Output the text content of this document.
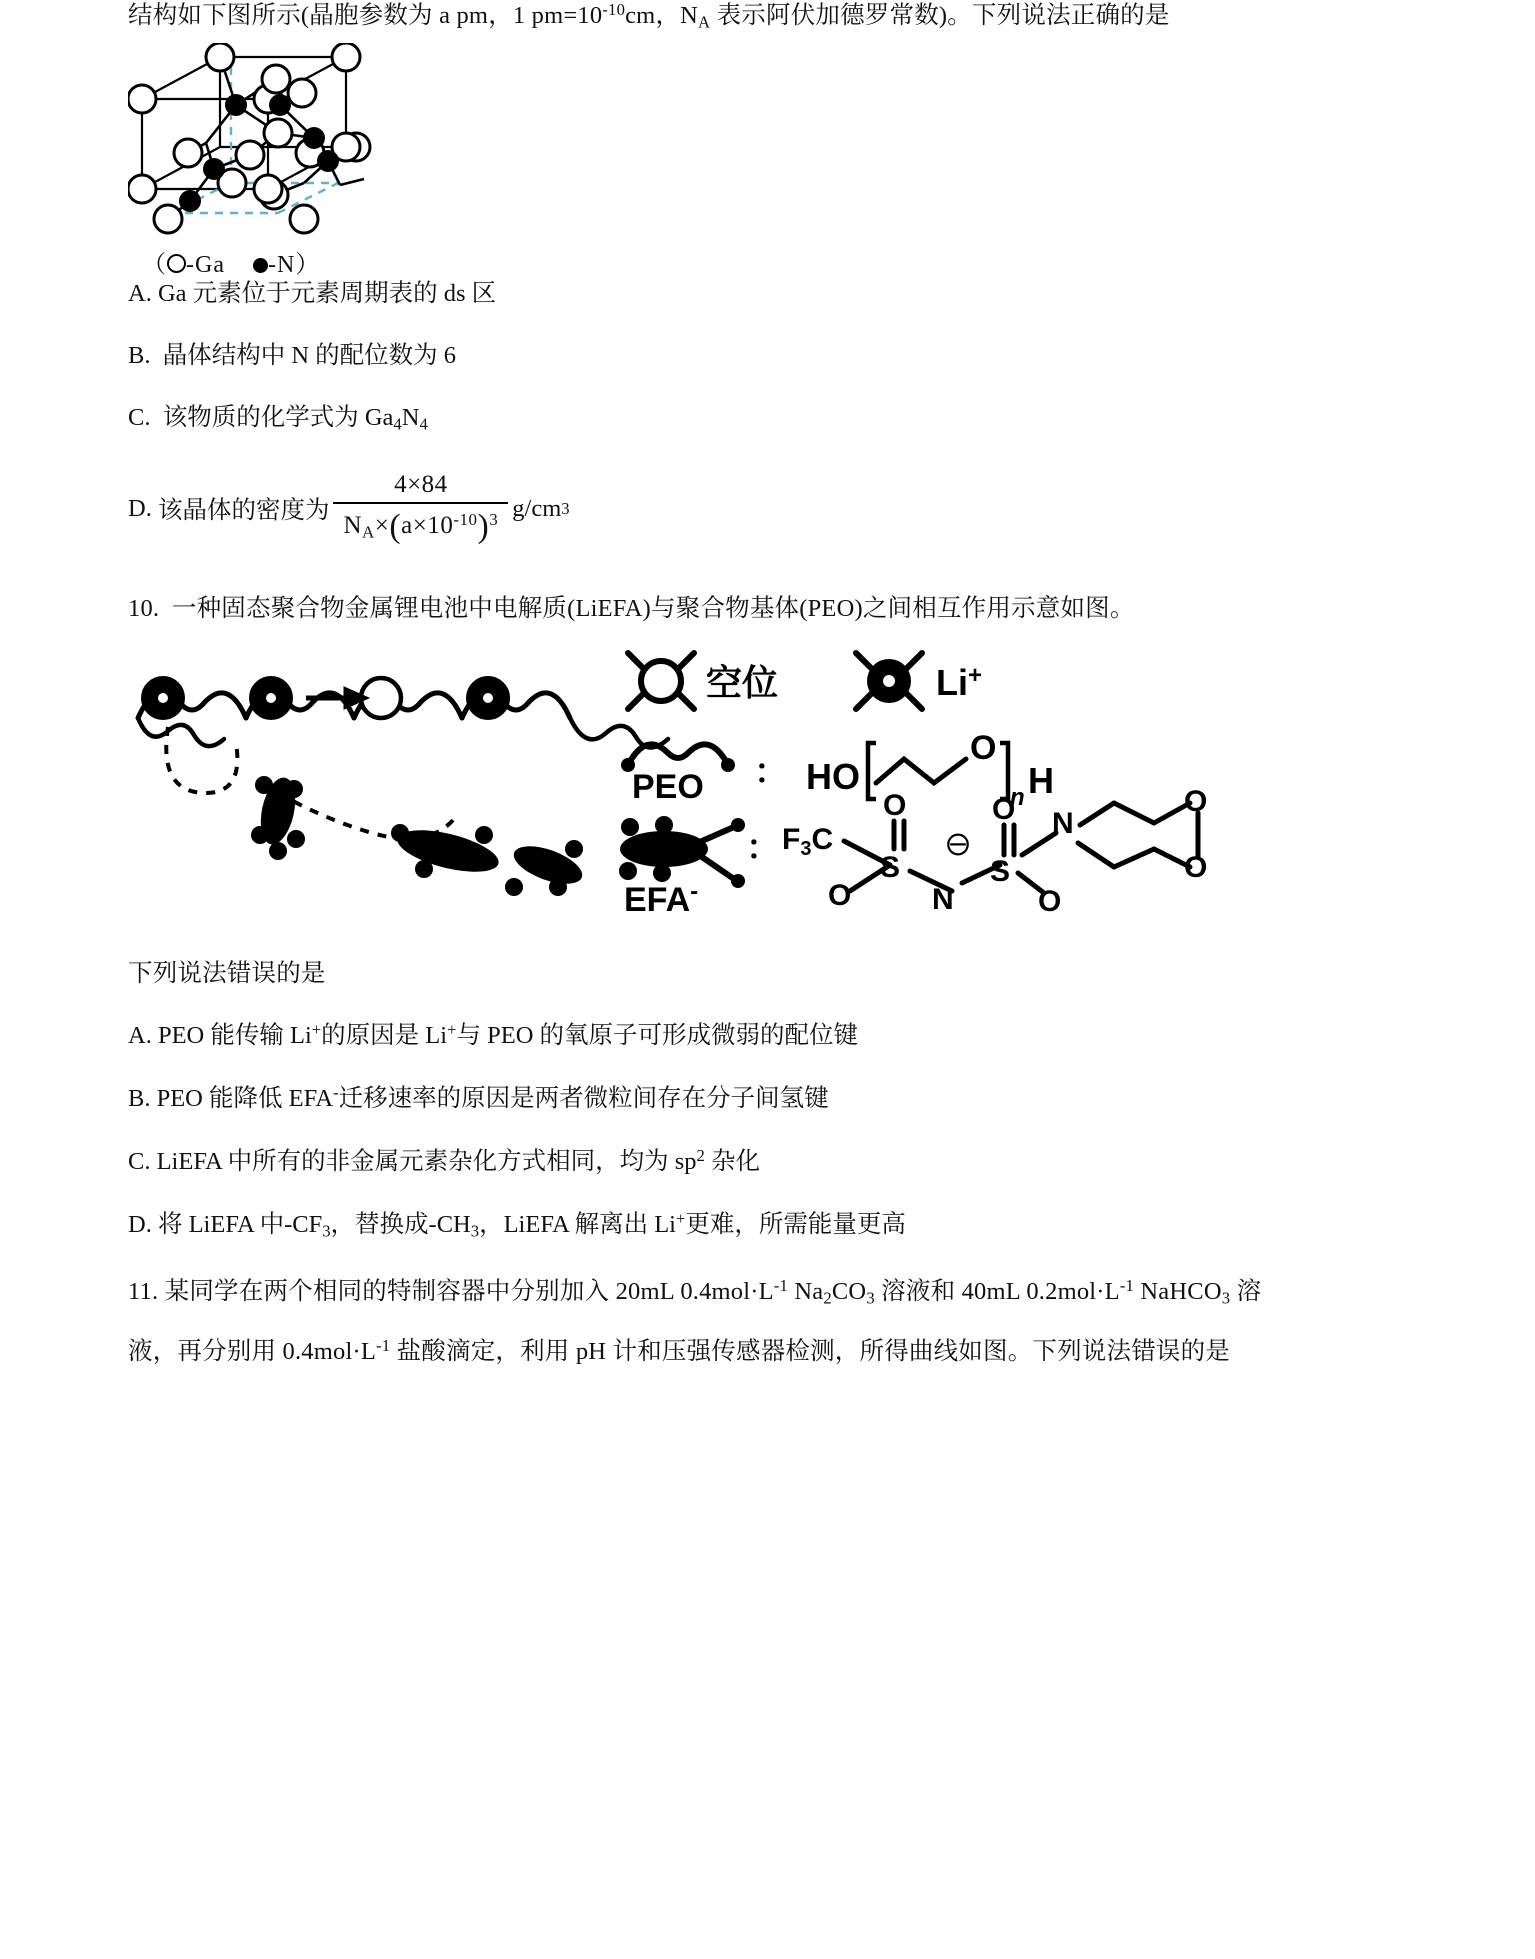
结构如下图所示(晶胞参数为 a pm，1 $pm=10^{-10}cm$，$N_A$ 表示阿伏加德罗常数)。下列说法正确的是
（ -Ga -N）
A. Ga 元素位于元素周期表的 ds 区
B. 晶体结构中 N 的配位数为 6
C. 该物质的化学式为 $Ga_4N_4$
D.
该晶体的密度为 $\frac{4\times 84}{N_A\times(a\times 10^{-10})^3} g/cm$ 3
10. 一种固态聚合物金属锂电池中电解质(LiEFA)与聚合物基体(PEO)之间相互作用示意如图。
空位	Li+
PEO ： HO
O
n H
EFA-
： $F_3C$
O
S
O	N
⊖
O
S
O
N
O
O
下列说法错误的是
A. PEO 能传输 Li+的原因是 Li+与 PEO 的氧原子可形成微弱的配位键
B. PEO 能降低 EFA-迁移速率的原因是两者微粒间存在分子间氢键
C. LiEFA 中所有的非金属元素杂化方式相同，均为 $sp^2$ 杂化
D. 将 LiEFA 中$-CF_3$，替换成$-CH_3$，LiEFA 解离出 Li+更难，所需能量更高
11. 某同学在两个相同的特制容器中分别加入 20mL $0.4mol\cdot L^{-1}$ $Na_2CO_3$ 溶液和 40mL $0.2mol\cdot L^{-1}$ NaHCO$_3$ 溶
液，再分别用 $0.4mol\cdot L^{-1}$ 盐酸滴定，利用 pH 计和压强传感器检测，所得曲线如图。下列说法错误的是
